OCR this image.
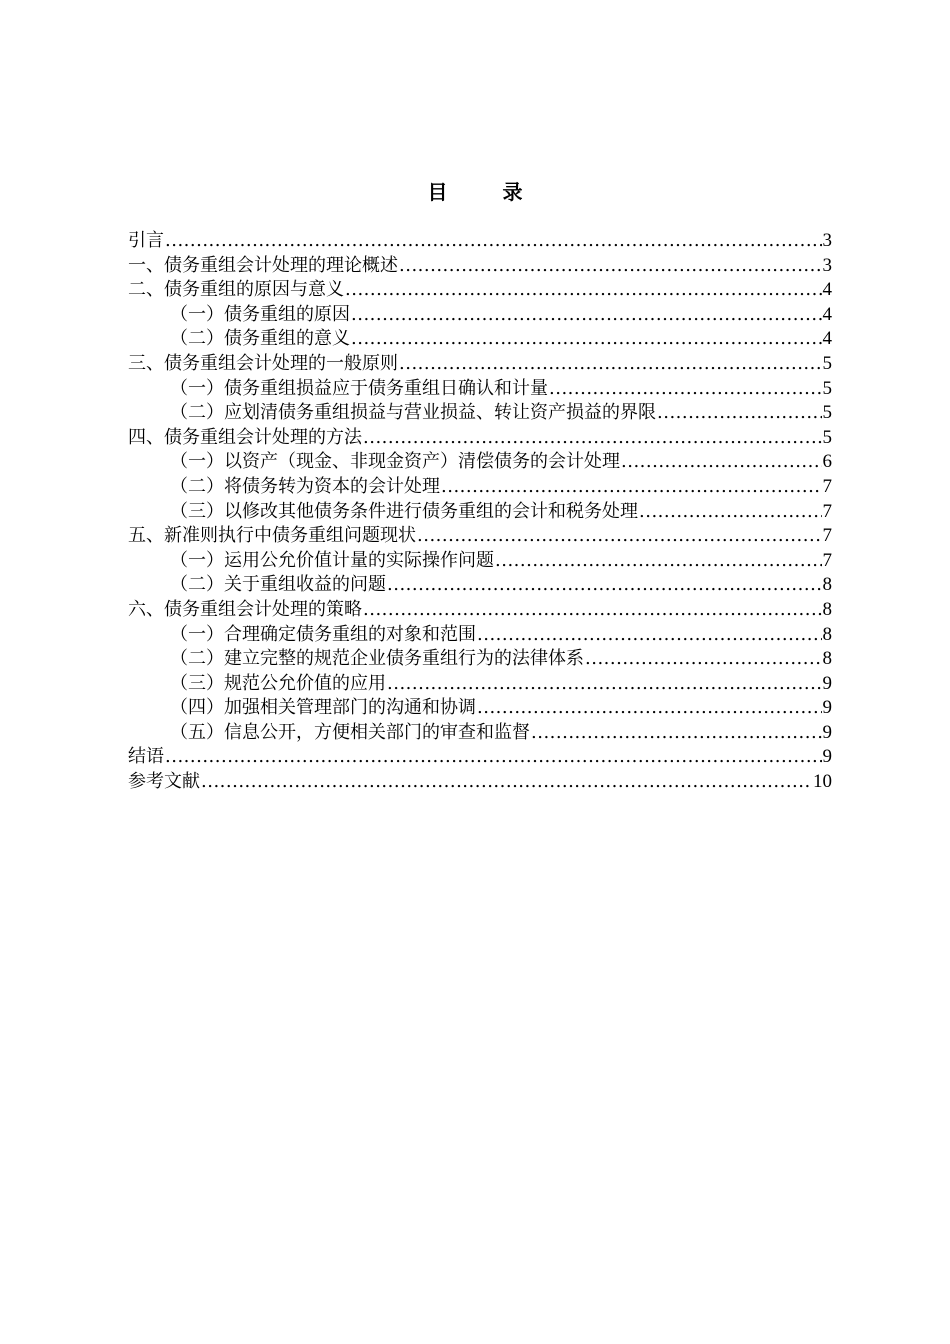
目 录
引言 .....	3
一、债务重组会计处理的理论概述 .....	3
二、债务重组的原因与意义 .....	4
（一）债务重组的原因 .....	4
（二）债务重组的意义 .....	4
三、债务重组会计处理的一般原则 .....	5
（一）债务重组损益应于债务重组日确认和计量 .....	5
（二）应划清债务重组损益与营业损益、转让资产损益的界限 .....	5
四、债务重组会计处理的方法 .....	5
（一）以资产（现金、非现金资产）清偿债务的会计处理 .....	6
（二）将债务转为资本的会计处理 .....	7
（三）以修改其他债务条件进行债务重组的会计和税务处理 .....	7
五、新准则执行中债务重组问题现状 .....	7
（一）运用公允价值计量的实际操作问题 .....	7
（二）关于重组收益的问题 .....	8
六、债务重组会计处理的策略 .....	8
（一）合理确定债务重组的对象和范围 .....	8
（二）建立完整的规范企业债务重组行为的法律体系 .....	8
（三）规范公允价值的应用 .....	9
（四）加强相关管理部门的沟通和协调 .....	9
（五）信息公开，方便相关部门的审查和监督 .....	9
结语 .....	9
参考文献 .....	10
